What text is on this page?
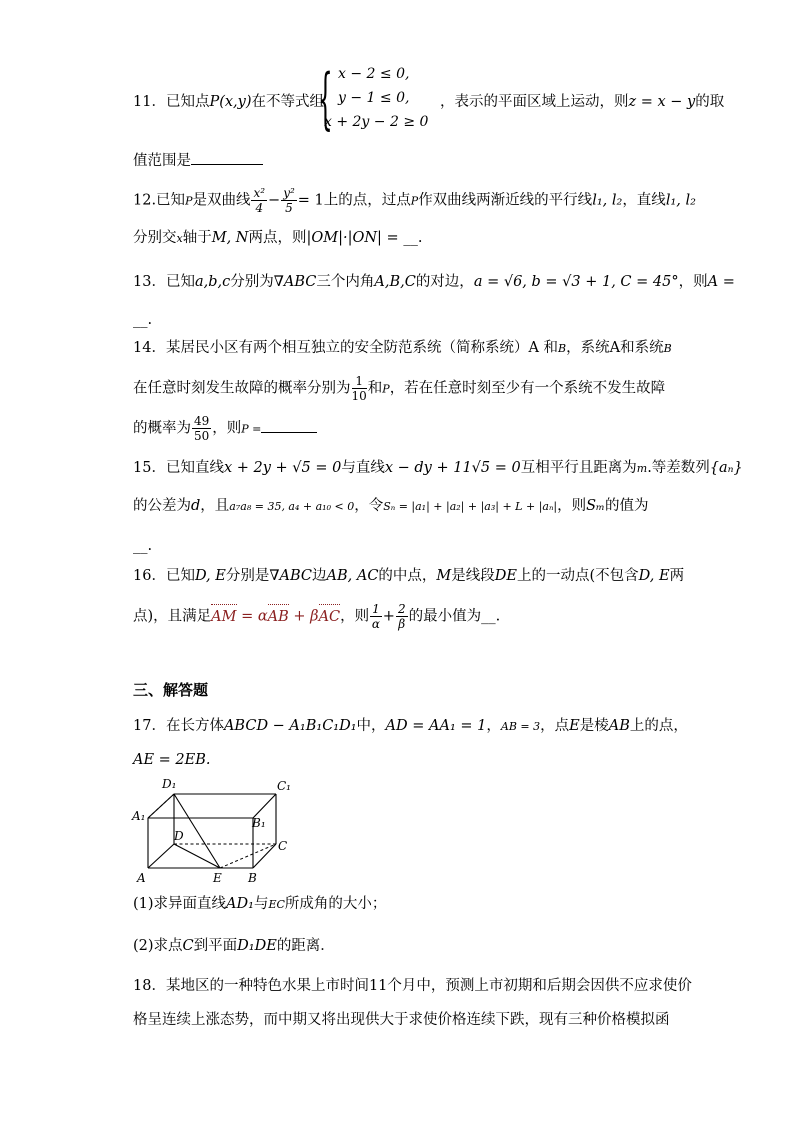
11．已知点P(x,y)在不等式组
{ x − 2 ≤ 0,
y − 1 ≤ 0,
x + 2y − 2 ≥ 0
，表示的平面区域上运动，则z = x − y的取
值范围是
12.已知P是双曲线 $\frac{\text{x²}}{4} - \frac{\text{y²}}{5} = 1$上的点，过点P作双曲线两渐近线的平行线l₁, l₂，直线l₁, l₂
分别交x轴于M, N两点，则|OM|·|ON| = __.
13．已知a,b,c分别为∇ABC三个内角A,B,C的对边，a = √6, b = √3 + 1, C = 45°，则A =
__.
14．某居民小区有两个相互独立的安全防范系统（简称系统）A 和B，系统A和系统B
在任意时刻发生故障的概率分别为 $\frac{1}{10}$ 和P，若在任意时刻至少有一个系统不发生故障
的概率为 $\frac{49}{50}$ ，则P =
15．已知直线x + 2y + √5 = 0与直线x − dy + 11√5 = 0互相平行且距离为m.等差数列{aₙ}
的公差为d，且a₇a₈ = 35, a₄ + a₁₀ < 0，令Sₙ = |a₁| + |a₂| + |a₃| + L + |aₙ|，则Sₘ的值为
__.
16．已知D, E分别是∇ABC边AB, AC的中点，M是线段DE上的一动点(不包含D, E两
点)，且满足AM = αAB + βAC，则 $\frac{1}{\alpha} + \frac{2}{\beta}$ 的最小值为__.
三、解答题
17．在长方体ABCD − A₁B₁C₁D₁中，AD = AA₁ = 1，AB = 3，点E是棱AB上的点，
AE = 2EB.
D₁	C₁
A₁	B₁
D
C
A	E B
(1)求异面直线AD₁与EC所成角的大小；
(2)求点C到平面D₁DE的距离．
18．某地区的一种特色水果上市时间11个月中，预测上市初期和后期会因供不应求使价
格呈连续上涨态势，而中期又将出现供大于求使价格连续下跌，现有三种价格模拟函
